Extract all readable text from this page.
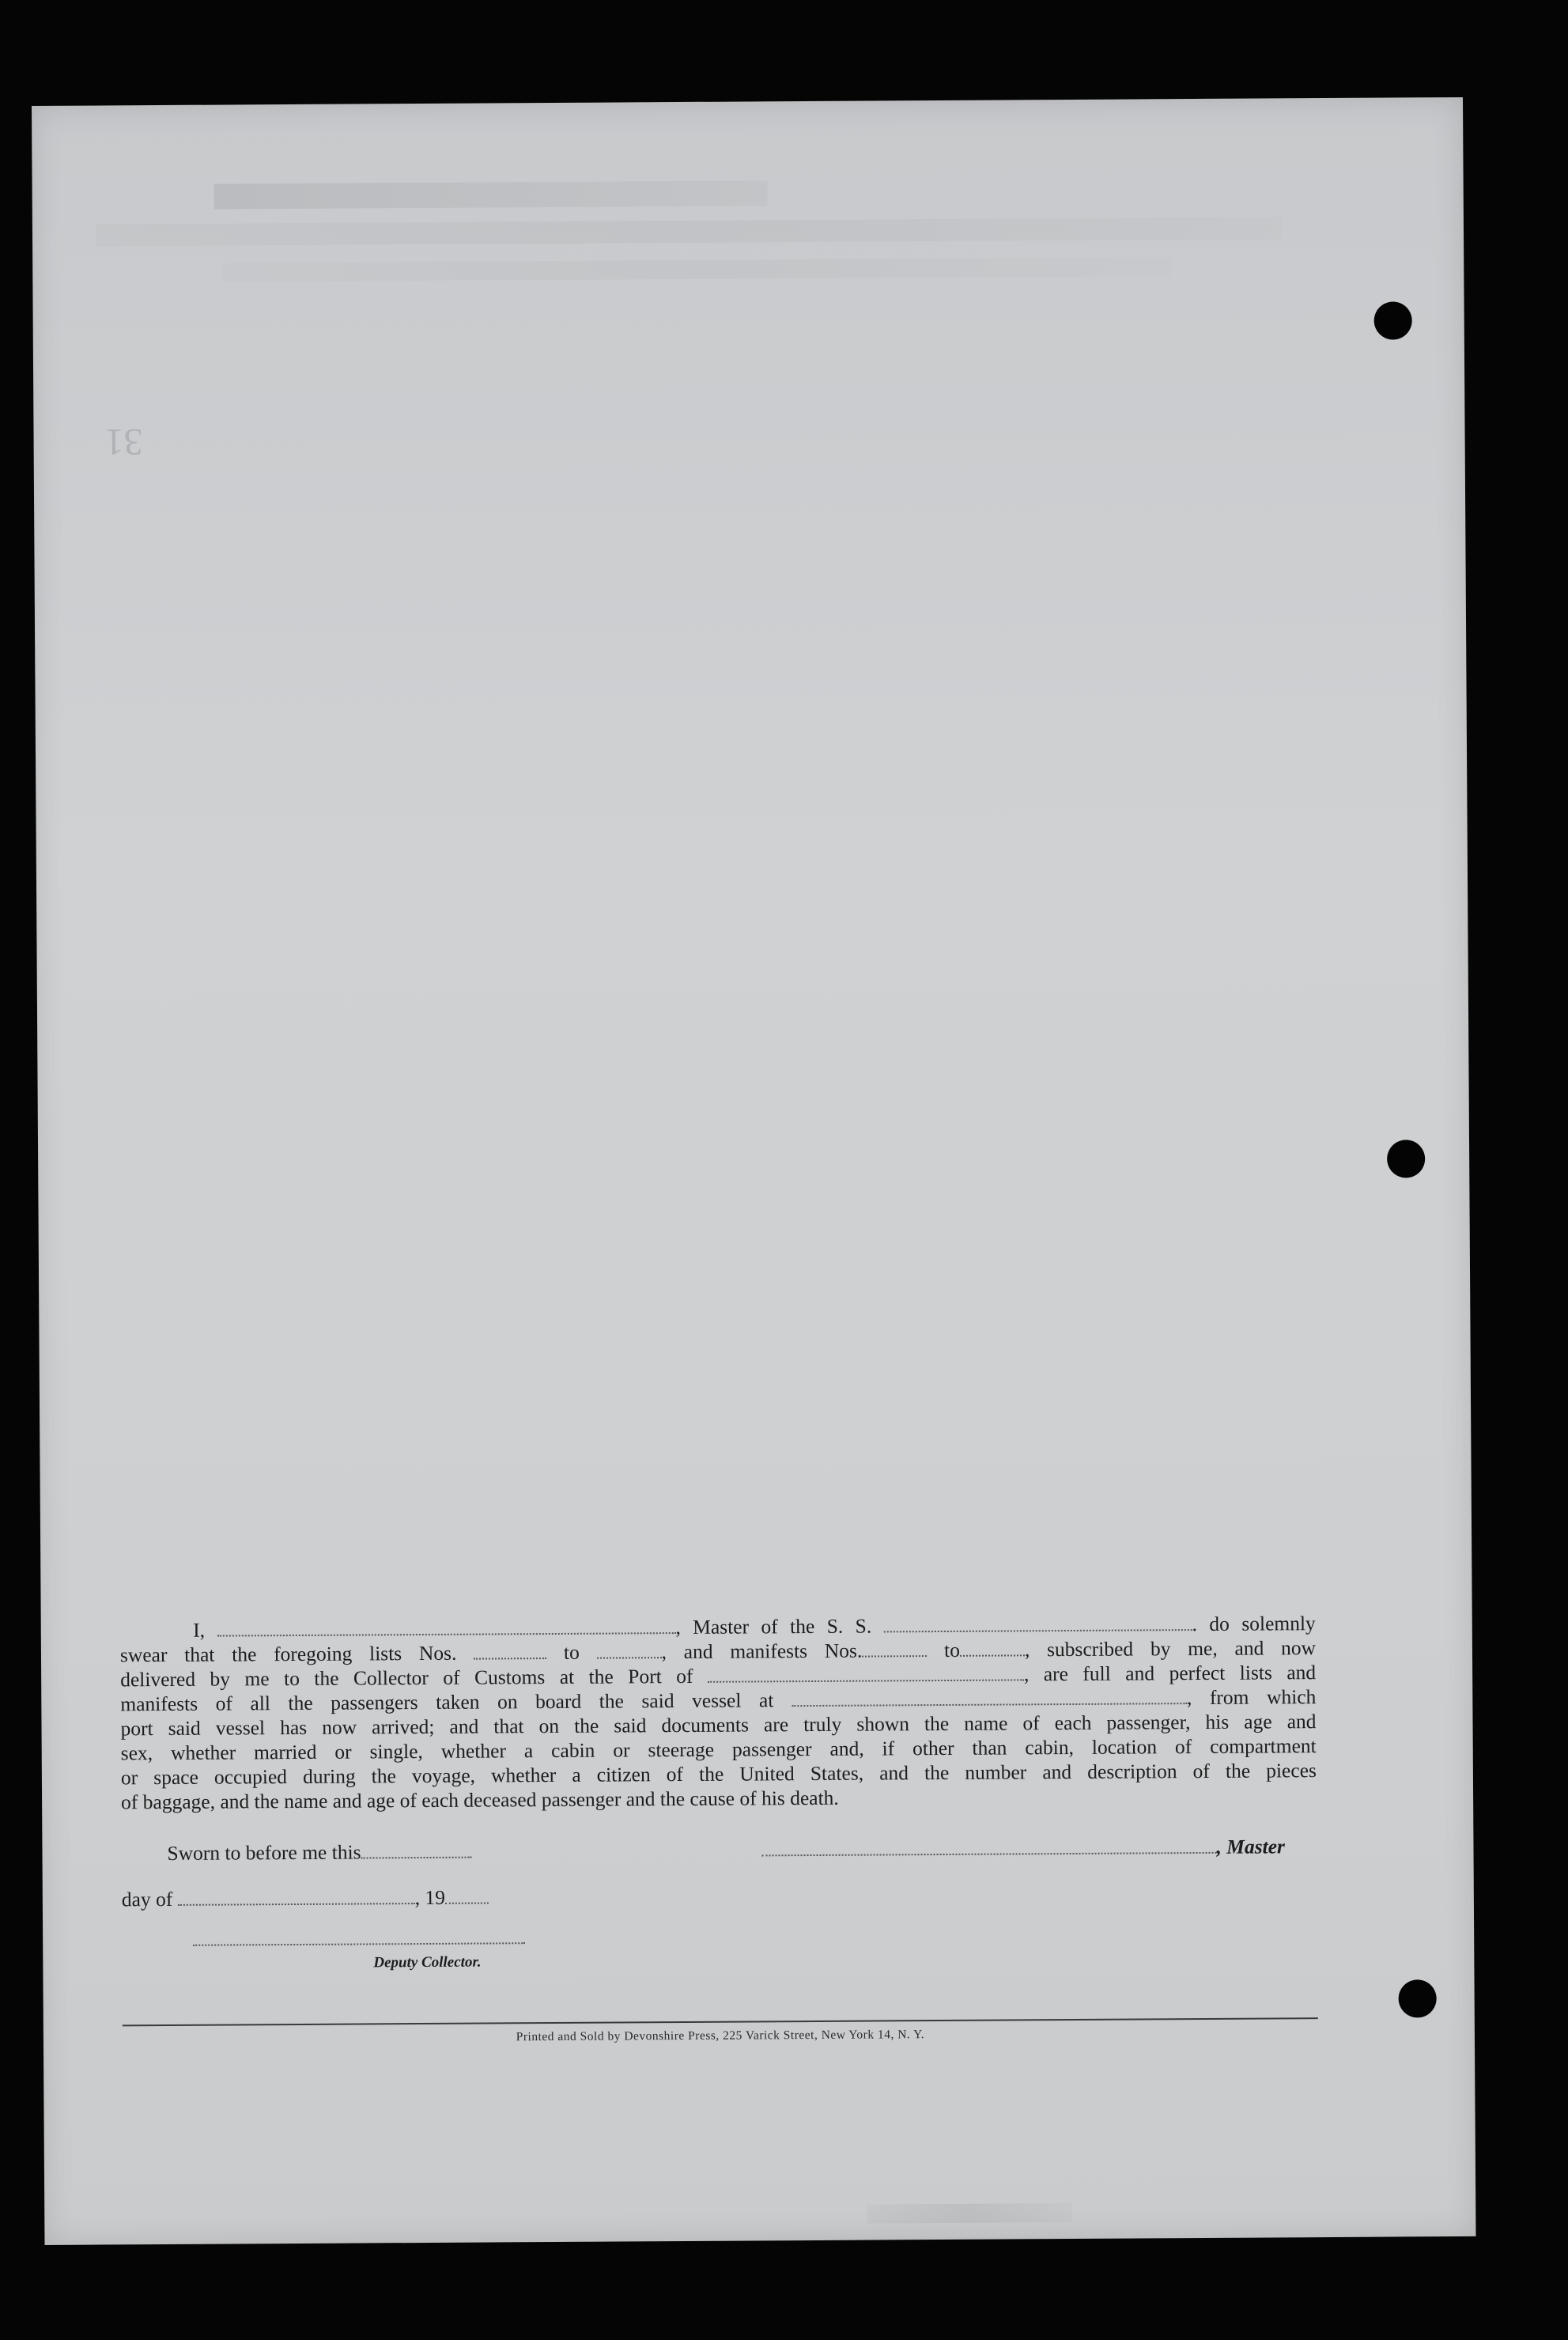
31
I,	, Master of the S. S.	. do solemnly
swear that the foregoing lists Nos.	to	, and manifests Nos.	to	, subscribed by me, and now
delivered by me to the Collector of Customs at the Port of	, are full and perfect lists and
manifests of all the passengers taken on board the said vessel at	, from which
port said vessel has now arrived; and that on the said documents are truly shown the name of each passenger, his age and
sex, whether married or single, whether a cabin or steerage passenger and, if other than cabin, location of compartment
or space occupied during the voyage, whether a citizen of the United States, and the number and description of the pieces
of baggage, and the name and age of each deceased passenger and the cause of his death.
Sworn to before me this	, Master
day of	, 19
Deputy Collector.
Printed and Sold by Devonshire Press, 225 Varick Street, New York 14, N. Y.
